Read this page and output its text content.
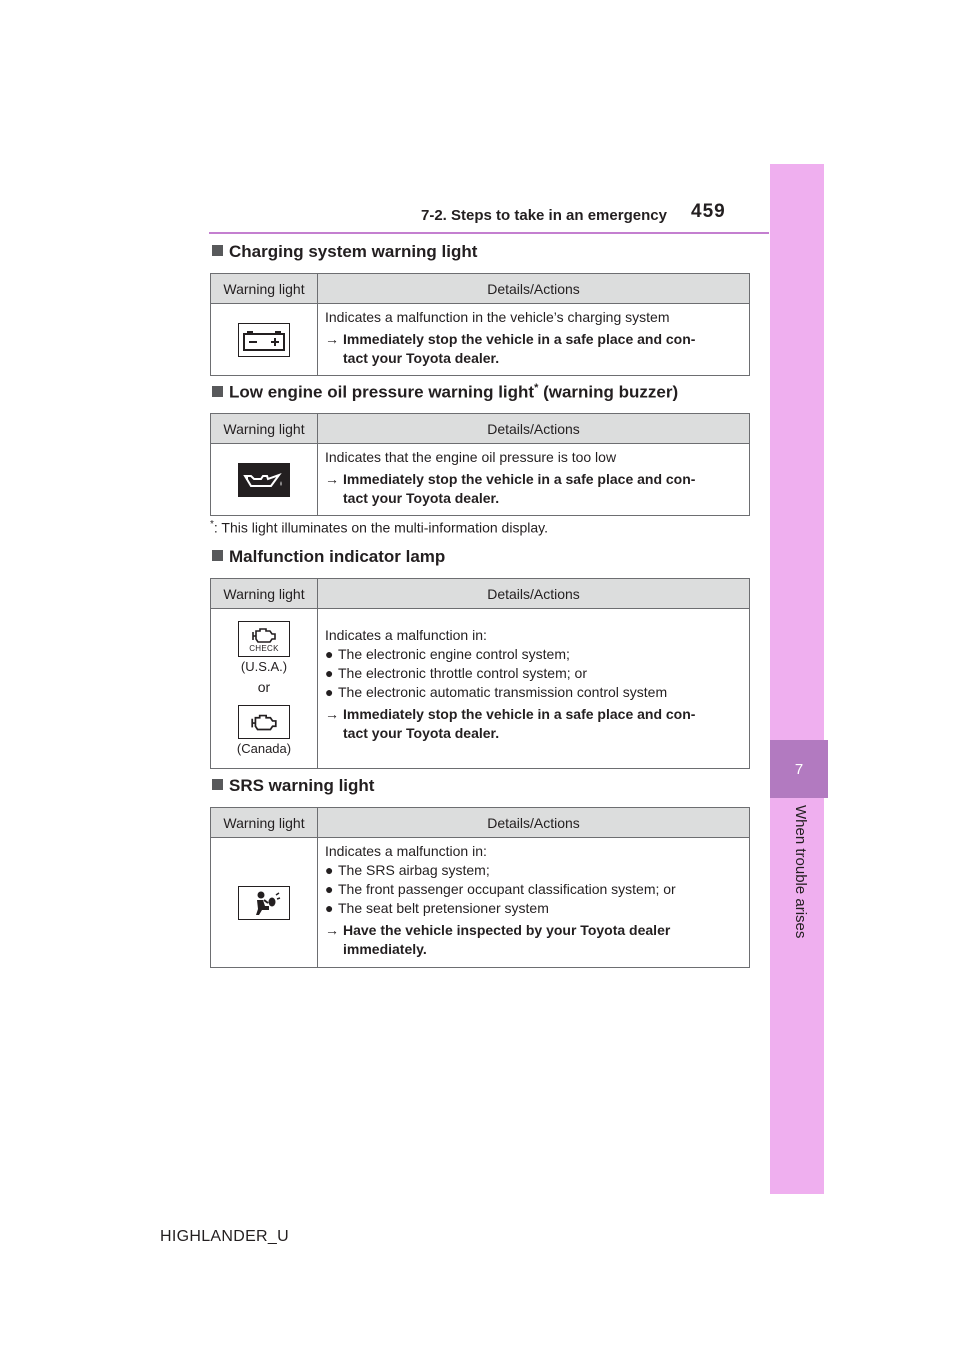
7
When trouble arises
7-2. Steps to take in an emergency 459
Charging system warning light
Warning light	Details/Actions
Indicates a malfunction in the vehicle’s charging system
→ Immediately stop the vehicle in a safe place and con-
tact your Toyota dealer.
Low engine oil pressure warning light* (warning buzzer)
Warning light	Details/Actions
Indicates that the engine oil pressure is too low
→ Immediately stop the vehicle in a safe place and con-
tact your Toyota dealer.
*: This light illuminates on the multi-information display.
Malfunction indicator lamp
Warning light	Details/Actions
CHECK
(U.S.A.)
or
(Canada)
Indicates a malfunction in:
● The electronic engine control system;
● The electronic throttle control system; or
● The electronic automatic transmission control system
→ Immediately stop the vehicle in a safe place and con-
tact your Toyota dealer.
SRS warning light
Warning light	Details/Actions
Indicates a malfunction in:
● The SRS airbag system;
● The front passenger occupant classification system; or
● The seat belt pretensioner system
→ Have the vehicle inspected by your Toyota dealer
immediately.
HIGHLANDER_U
